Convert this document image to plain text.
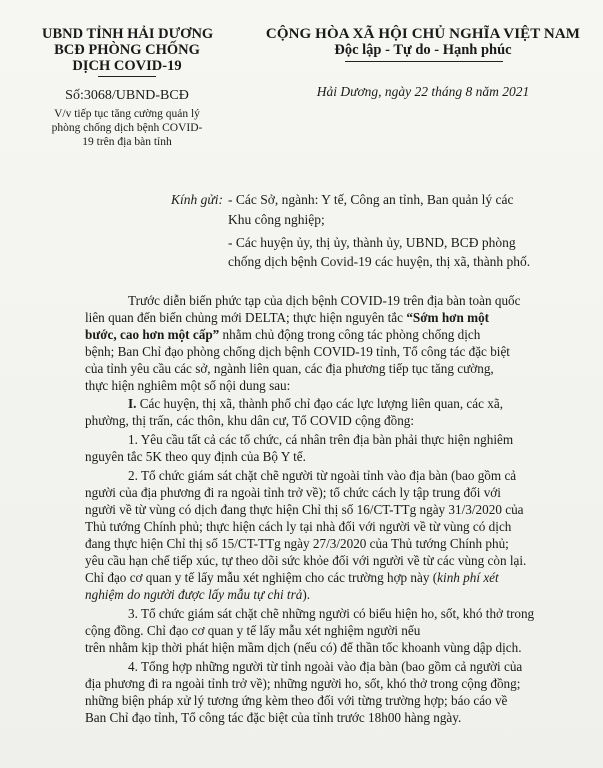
UBND TỈNH HẢI DƯƠNG
BCĐ PHÒNG CHỐNG
DỊCH COVID-19
Số:3068/UBND-BCĐ
V/v tiếp tục tăng cường quản lý
phòng chống dịch bệnh COVID-
19 trên địa bàn tỉnh
CỘNG HÒA XÃ HỘI CHỦ NGHĨA VIỆT NAM
Độc lập - Tự do - Hạnh phúc
Hải Dương, ngày 22 tháng 8 năm 2021
Kính gửi: - Các Sở, ngành: Y tế, Công an tỉnh, Ban quản lý các
Khu công nghiệp;
- Các huyện ủy, thị ủy, thành ủy, UBND, BCĐ phòng
chống dịch bệnh Covid-19 các huyện, thị xã, thành phố.
Trước diễn biến phức tạp của dịch bệnh COVID-19 trên địa bàn toàn quốc
liên quan đến biến chủng mới DELTA; thực hiện nguyên tắc “Sớm hơn một
bước, cao hơn một cấp” nhằm chủ động trong công tác phòng chống dịch
bệnh; Ban Chỉ đạo phòng chống dịch bệnh COVID-19 tỉnh, Tổ công tác đặc biệt
của tỉnh yêu cầu các sở, ngành liên quan, các địa phương tiếp tục tăng cường,
thực hiện nghiêm một số nội dung sau:
I. Các huyện, thị xã, thành phố chỉ đạo các lực lượng liên quan, các xã,
phường, thị trấn, các thôn, khu dân cư, Tổ COVID cộng đồng:
1. Yêu cầu tất cả các tổ chức, cá nhân trên địa bàn phải thực hiện nghiêm
nguyên tắc 5K theo quy định của Bộ Y tế.
2. Tổ chức giám sát chặt chẽ người từ ngoài tỉnh vào địa bàn (bao gồm cả
người của địa phương đi ra ngoài tỉnh trở về); tổ chức cách ly tập trung đối với
người về từ vùng có dịch đang thực hiện Chỉ thị số 16/CT-TTg ngày 31/3/2020 của
Thủ tướng Chính phủ; thực hiện cách ly tại nhà đối với người về từ vùng có dịch
đang thực hiện Chỉ thị số 15/CT-TTg ngày 27/3/2020 của Thủ tướng Chính phủ;
yêu cầu hạn chế tiếp xúc, tự theo dõi sức khỏe đối với người về từ các vùng còn lại.
Chỉ đạo cơ quan y tế lấy mẫu xét nghiệm cho các trường hợp này (kinh phí xét
nghiệm do người được lấy mẫu tự chi trả).
3. Tổ chức giám sát chặt chẽ những người có biểu hiện ho, sốt, khó thở trong
cộng đồng. Chỉ đạo cơ quan y tế lấy mẫu xét nghiệm người nếu
trên nhằm kịp thời phát hiện mầm dịch (nếu có) để thần tốc khoanh vùng dập dịch.
4. Tổng hợp những người từ tỉnh ngoài vào địa bàn (bao gồm cả người của
địa phương đi ra ngoài tỉnh trở về); những người ho, sốt, khó thở trong cộng đồng;
những biện pháp xử lý tương ứng kèm theo đối với từng trường hợp; báo cáo về
Ban Chỉ đạo tỉnh, Tổ công tác đặc biệt của tỉnh trước 18h00 hàng ngày.
